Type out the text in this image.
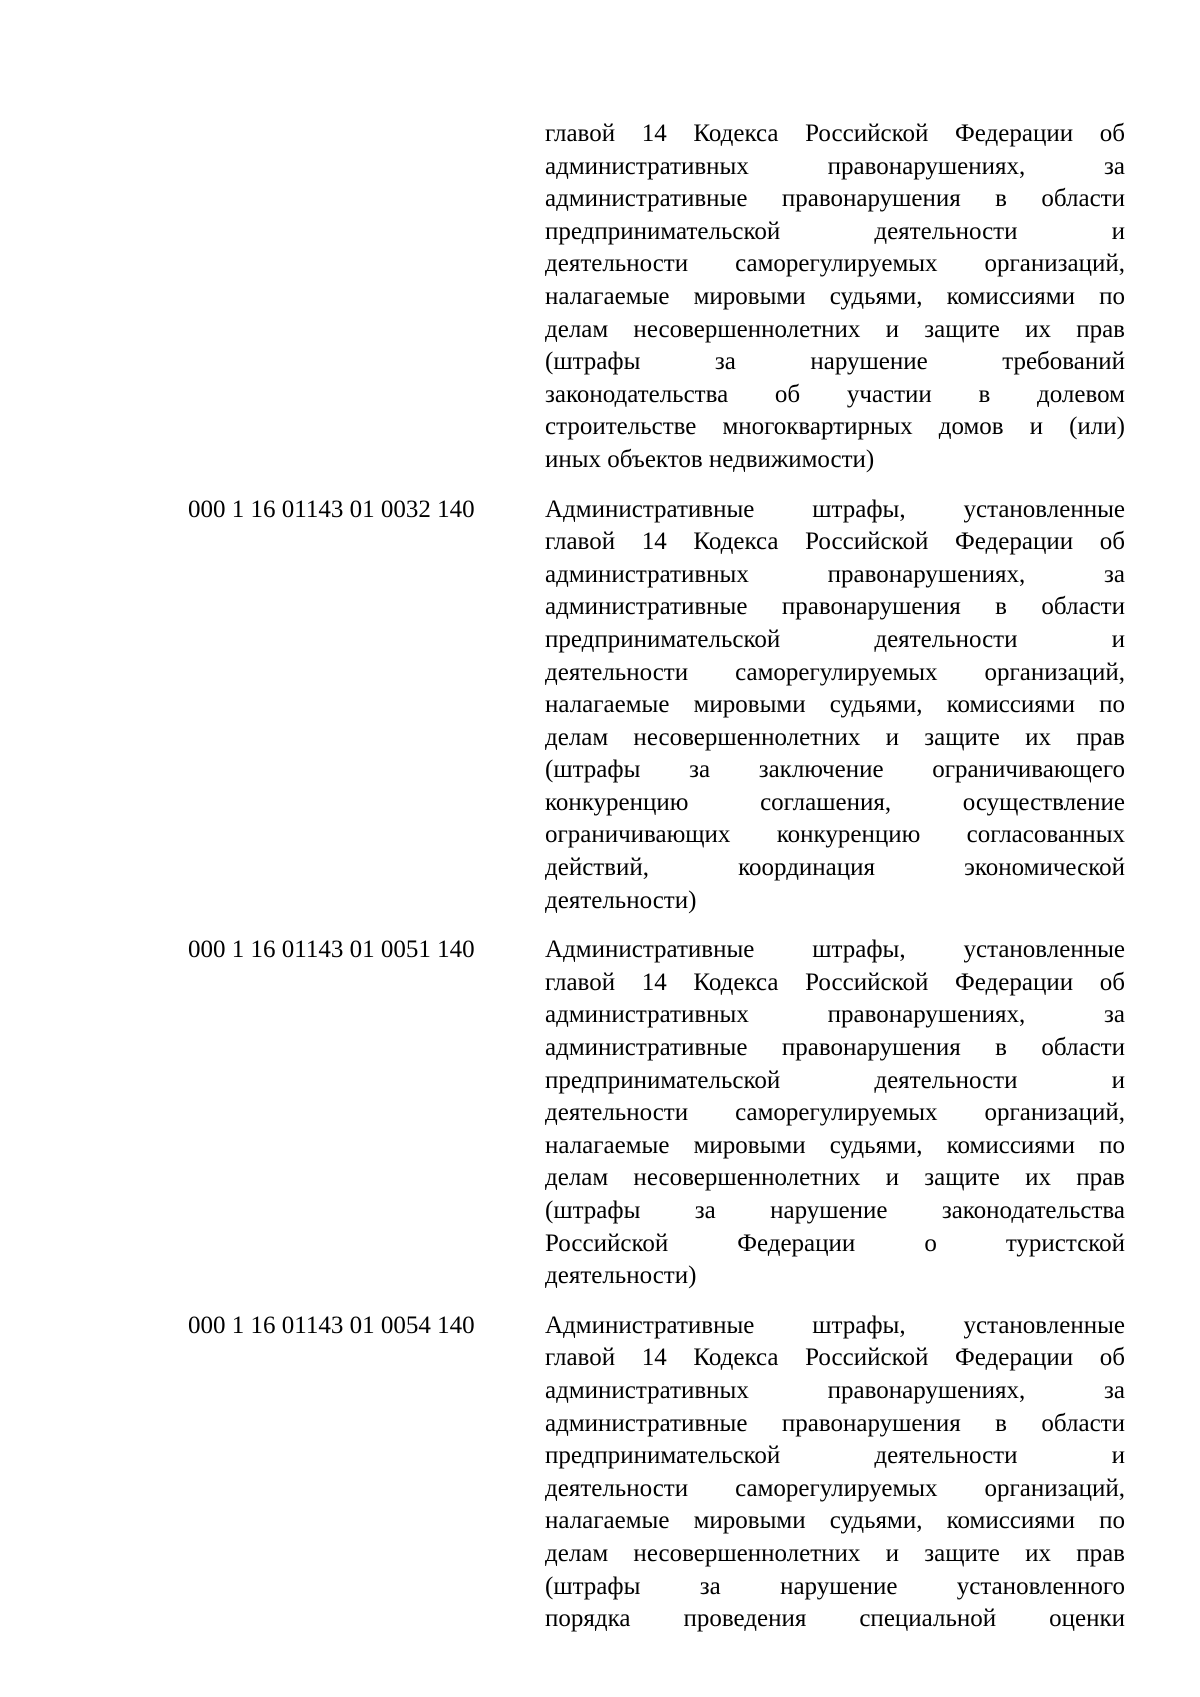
главой 14 Кодекса Российской Федерации об
административных правонарушениях, за
административные правонарушения в области
предпринимательской деятельности и
деятельности саморегулируемых организаций,
налагаемые мировыми судьями, комиссиями по
делам несовершеннолетних и защите их прав
(штрафы за нарушение требований
законодательства об участии в долевом
строительстве многоквартирных домов и (или)
иных объектов недвижимости)
000 1 16 01143 01 0032 140	Административные штрафы, установленные
главой 14 Кодекса Российской Федерации об
административных правонарушениях, за
административные правонарушения в области
предпринимательской деятельности и
деятельности саморегулируемых организаций,
налагаемые мировыми судьями, комиссиями по
делам несовершеннолетних и защите их прав
(штрафы за заключение ограничивающего
конкуренцию соглашения, осуществление
ограничивающих конкуренцию согласованных
действий, координация экономической
деятельности)
000 1 16 01143 01 0051 140	Административные штрафы, установленные
главой 14 Кодекса Российской Федерации об
административных правонарушениях, за
административные правонарушения в области
предпринимательской деятельности и
деятельности саморегулируемых организаций,
налагаемые мировыми судьями, комиссиями по
делам несовершеннолетних и защите их прав
(штрафы за нарушение законодательства
Российской Федерации о туристской
деятельности)
000 1 16 01143 01 0054 140	Административные штрафы, установленные
главой 14 Кодекса Российской Федерации об
административных правонарушениях, за
административные правонарушения в области
предпринимательской деятельности и
деятельности саморегулируемых организаций,
налагаемые мировыми судьями, комиссиями по
делам несовершеннолетних и защите их прав
(штрафы за нарушение установленного
порядка проведения специальной оценки
